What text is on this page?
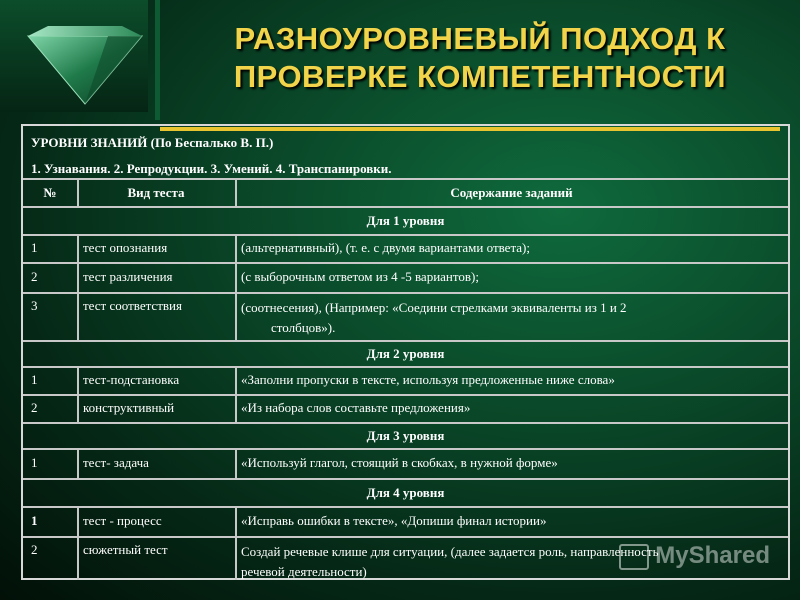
РАЗНОУРОВНЕВЫЙ ПОДХОД К ПРОВЕРКЕ КОМПЕТЕНТНОСТИ
УРОВНИ ЗНАНИЙ (По Беспалько В. П.)
1. Узнавания. 2. Репродукции. 3. Умений. 4. Транспанировки.
№	Вид теста	Содержание заданий
Для 1 уровня
1	тест опознания	(альтернативный), (т. е. с двумя вариантами ответа);
2	тест различения	(с выборочным ответом из 4 -5 вариантов);
3	тест соответствия	(соотнесения), (Например: «Соедини стрелками эквиваленты из 1 и 2
столбцов»).
Для 2 уровня
1	тест-подстановка	«Заполни пропуски в тексте, используя предложенные ниже слова»
2	конструктивный	«Из набора слов составьте предложения»
Для 3 уровня
1	тест- задача	«Используй глагол, стоящий в скобках, в нужной форме»
Для 4 уровня
1	тест - процесс	«Исправь ошибки в тексте», «Допиши финал истории»
2	сюжетный тест	Создай речевые клише для ситуации, (далее задается роль, направленность
речевой деятельности)
MyShared
